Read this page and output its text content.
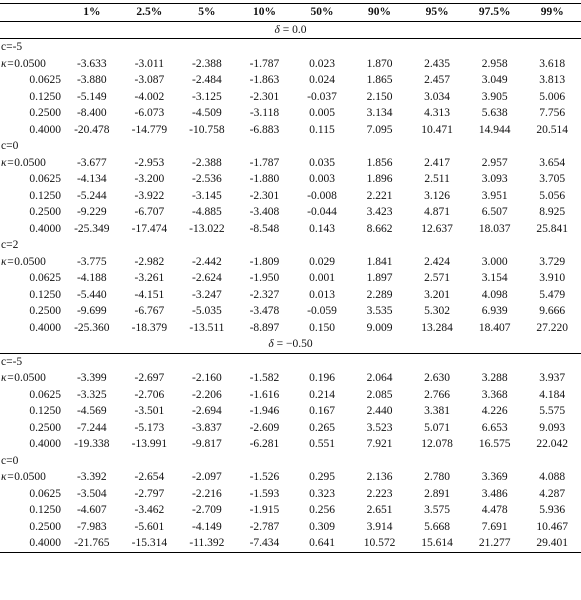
	1%	2.5%	5%	10%	50%	90%	95%	97.5%	99%
δ = 0.0									
c=-5									
κ=0.0500	-3.633	-3.011	-2.388	-1.787	0.023	1.870	2.435	2.958	3.618
0.0625	-3.880	-3.087	-2.484	-1.863	0.024	1.865	2.457	3.049	3.813
0.1250	-5.149	-4.002	-3.125	-2.301	-0.037	2.150	3.034	3.905	5.006
0.2500	-8.400	-6.073	-4.509	-3.118	0.005	3.134	4.313	5.638	7.756
0.4000	-20.478	-14.779	-10.758	-6.883	0.115	7.095	10.471	14.944	20.514
c=0									
κ=0.0500	-3.677	-2.953	-2.388	-1.787	0.035	1.856	2.417	2.957	3.654
0.0625	-4.134	-3.200	-2.536	-1.880	0.003	1.896	2.511	3.093	3.705
0.1250	-5.244	-3.922	-3.145	-2.301	-0.008	2.221	3.126	3.951	5.056
0.2500	-9.229	-6.707	-4.885	-3.408	-0.044	3.423	4.871	6.507	8.925
0.4000	-25.349	-17.474	-13.022	-8.548	0.143	8.662	12.637	18.037	25.841
c=2									
κ=0.0500	-3.775	-2.982	-2.442	-1.809	0.029	1.841	2.424	3.000	3.729
0.0625	-4.188	-3.261	-2.624	-1.950	0.001	1.897	2.571	3.154	3.910
0.1250	-5.440	-4.151	-3.247	-2.327	0.013	2.289	3.201	4.098	5.479
0.2500	-9.699	-6.767	-5.035	-3.478	-0.059	3.535	5.302	6.939	9.666
0.4000	-25.360	-18.379	-13.511	-8.897	0.150	9.009	13.284	18.407	27.220
δ = −0.50									
c=-5									
κ=0.0500	-3.399	-2.697	-2.160	-1.582	0.196	2.064	2.630	3.288	3.937
0.0625	-3.325	-2.706	-2.206	-1.616	0.214	2.085	2.766	3.368	4.184
0.1250	-4.569	-3.501	-2.694	-1.946	0.167	2.440	3.381	4.226	5.575
0.2500	-7.244	-5.173	-3.837	-2.609	0.265	3.523	5.071	6.653	9.093
0.4000	-19.338	-13.991	-9.817	-6.281	0.551	7.921	12.078	16.575	22.042
c=0									
κ=0.0500	-3.392	-2.654	-2.097	-1.526	0.295	2.136	2.780	3.369	4.088
0.0625	-3.504	-2.797	-2.216	-1.593	0.323	2.223	2.891	3.486	4.287
0.1250	-4.607	-3.462	-2.709	-1.915	0.256	2.651	3.575	4.478	5.936
0.2500	-7.983	-5.601	-4.149	-2.787	0.309	3.914	5.668	7.691	10.467
0.4000	-21.765	-15.314	-11.392	-7.434	0.641	10.572	15.614	21.277	29.401
